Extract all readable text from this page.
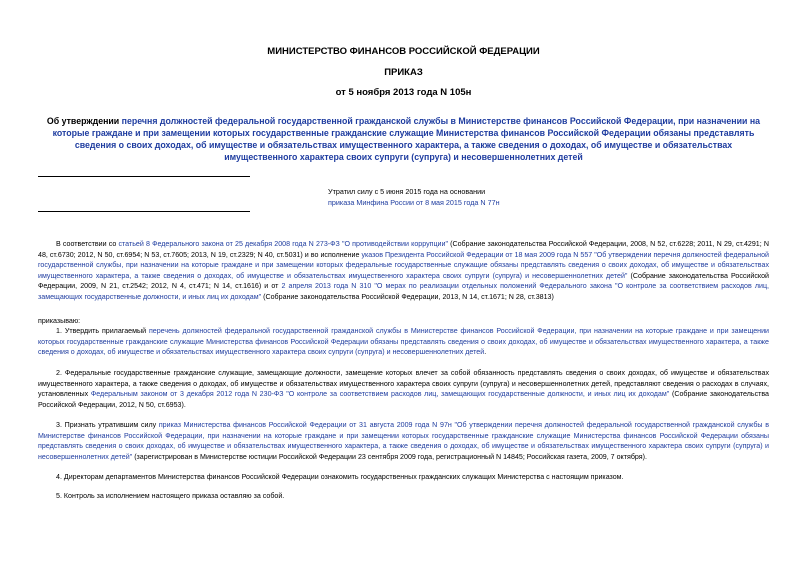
МИНИСТЕРСТВО ФИНАНСОВ РОССИЙСКОЙ ФЕДЕРАЦИИ
ПРИКАЗ
от 5 ноября 2013 года N 105н
Об утверждении перечня должностей федеральной государственной гражданской службы в Министерстве финансов Российской Федерации, при назначении на которые граждане и при замещении которых государственные гражданские служащие Министерства финансов Российской Федерации обязаны представлять сведения о своих доходах, об имуществе и обязательствах имущественного характера, а также сведения о доходах, об имуществе и обязательствах имущественного характера своих супруги (супруга) и несовершеннолетних детей
Утратил силу с 5 июня 2015 года на основании
приказа Минфина России от 8 мая 2015 года N 77н

В соответствии со статьей 8 Федерального закона от 25 декабря 2008 года N 273-ФЗ "О противодействии коррупции" (Собрание законодательства Российской Федерации, 2008, N 52, ст.6228; 2011, N 29, ст.4291; N 48, ст.6730; 2012, N 50, ст.6954; N 53, ст.7605; 2013, N 19, ст.2329; N 40, ст.5031) и во исполнение указов Президента Российской Федерации от 18 мая 2009 года N 557 "Об утверждении перечня должностей федеральной государственной службы, при назначении на которые граждане и при замещении которых федеральные государственные служащие обязаны представлять сведения о своих доходах, об имуществе и обязательствах имущественного характера, а также сведения о доходах, об имуществе и обязательствах имущественного характера своих супруги (супруга) и несовершеннолетних детей" (Собрание законодательства Российской Федерации, 2009, N 21, ст.2542; 2012, N 4, ст.471; N 14, ст.1616) и от 2 апреля 2013 года N 310 "О мерах по реализации отдельных положений Федерального закона "О контроле за соответствием расходов лиц, замещающих государственные должности, и иных лиц их доходам" (Собрание законодательства Российской Федерации, 2013, N 14, ст.1671; N 28, ст.3813)

приказываю:

1. Утвердить прилагаемый перечень должностей федеральной государственной гражданской службы в Министерстве финансов Российской Федерации, при назначении на которые граждане и при замещении которых государственные гражданские служащие Министерства финансов Российской Федерации обязаны представлять сведения о своих доходах, об имуществе и обязательствах имущественного характера, а также сведения о доходах, об имуществе и обязательствах имущественного характера своих супруги (супруга) и несовершеннолетних детей.

2. Федеральные государственные гражданские служащие, замещающие должности, замещение которых влечет за собой обязанность представлять сведения о своих доходах, об имуществе и обязательствах имущественного характера, а также сведения о доходах, об имуществе и обязательствах имущественного характера своих супруги (супруга) и несовершеннолетних детей, представляют сведения о расходах в случаях, установленных Федеральным законом от 3 декабря 2012 года N 230-ФЗ "О контроле за соответствием расходов лиц, замещающих государственные должности, и иных лиц их доходам" (Собрание законодательства Российской Федерации, 2012, N 50, ст.6953).

3. Признать утратившим силу приказ Министерства финансов Российской Федерации от 31 августа 2009 года N 97н "Об утверждении перечня должностей федеральной государственной гражданской службы в Министерстве финансов Российской Федерации, при назначении на которые граждане и при замещении которых государственные гражданские служащие Министерства финансов Российской Федерации обязаны представлять сведения о своих доходах, об имуществе и обязательствах имущественного характера, а также сведения о доходах, об имуществе и обязательствах имущественного характера своих супруги (супруга) и несовершеннолетних детей" (зарегистрирован в Министерстве юстиции Российской Федерации 23 сентября 2009 года, регистрационный N 14845; Российская газета, 2009, 7 октября).

4. Директорам департаментов Министерства финансов Российской Федерации ознакомить государственных гражданских служащих Министерства с настоящим приказом.

5. Контроль за исполнением настоящего приказа оставляю за собой.
